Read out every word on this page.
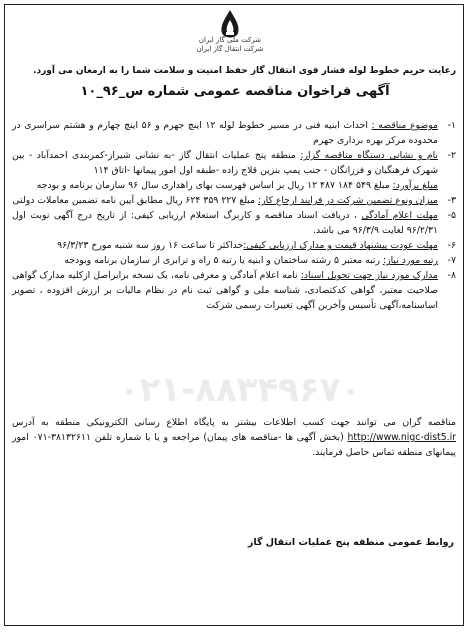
شرکت ملی گاز ایران
شرکت انتقال گاز ایران
رعایت حریم خطوط لوله فشار قوی انتقال گاز حفظ امنیت و سلامت شما را به ارمغان می آورد.
آگهی فراخوان مناقصه عمومی شماره س_۹۶_۱۰
۱-
موضوع مناقصه : احداث ابنیه فنی در مسیر خطوط لوله ۱۲ اینچ جهرم و ۵۶ اینچ چهارم و هشتم سراسری در محدوده مرکز بهره برداری جهرم
۲-
نام و نشانی دستگاه مناقصه گزار: منطقه پنج عملیات انتقال گاز -به نشانی شیراز-کمربندی احمدآباد - بین شهرک فرهنگیان و فرزانگان - جنب پمپ بنزین قلاج زاده -طبقه اول امور پیمانها -اتاق ۱۱۴
مبلغ برآورد: مبلغ ۵۴۹ ۱۸۴ ۴۸۷ ۱۲ ریال بر اساس فهرست بهای راهداری سال ۹۶ سازمان برنامه و بودجه
۳-
میزان ونوع تضمین شرکت در فرایند ارجاع کار: مبلغ ۲۲۷ ۳۵۹ ۶۲۴ ریال مطابق آیین نامه تضمین معاملات دولتی
۵-
مهلت اعلام آمادگی ، دریافت اسناد مناقصه و کاربرگ استعلام ارزیابی کیفی: از تاریخ درج آگهی نوبت اول ۹۶/۲/۳۱ لغایت ۹۶/۳/۹ می باشد.
۶-
مهلت عودت پیشنهاد قیمت و مدارک ارزیابی کیفی:حداکثر تا ساعت ۱۶ روز سه شنبه مورخ ۹۶/۳/۲۳
۷-
رتبه مورد نیاز: رتبه معتبر ۵ رشته ساختمان و ابنیه یا رتبه ۵ راه و ترابری از سازمان برنامه وبودجه
۸-
مدارک مورد نیاز جهت تحویل اسناد: نامه اعلام آمادگی و معرفی نامه، یک نسخه برابراصل ازکلیه مدارک گواهی صلاحیت معتبر، گواهی کدکتصادی، شناسه ملی و گواهی ثبت نام در نظام مالیات بر ارزش افزوده ، تصویر اساسنامه،آگهی تأسیس وآخرین آگهی تغییرات رسمی شرکت
مناقصه گران می توانند جهت کسب اطلاعات بیشتر به پایگاه اطلاع رسانی الکترونیکی منطقه به آدرس http://www.nigc-dist5.ir (بخش آگهی ها -مناقصه های پیمان) مراجعه و یا با شماره تلفن ۳۸۱۳۲۶۱۱-۰۷۱ امور پیمانهای منطقه تماس حاصل فرمایند.
۰۲۱-۸۸۳۴۹۶۷۰
روابط عمومی منطقه پنج عملیات انتقال گاز
